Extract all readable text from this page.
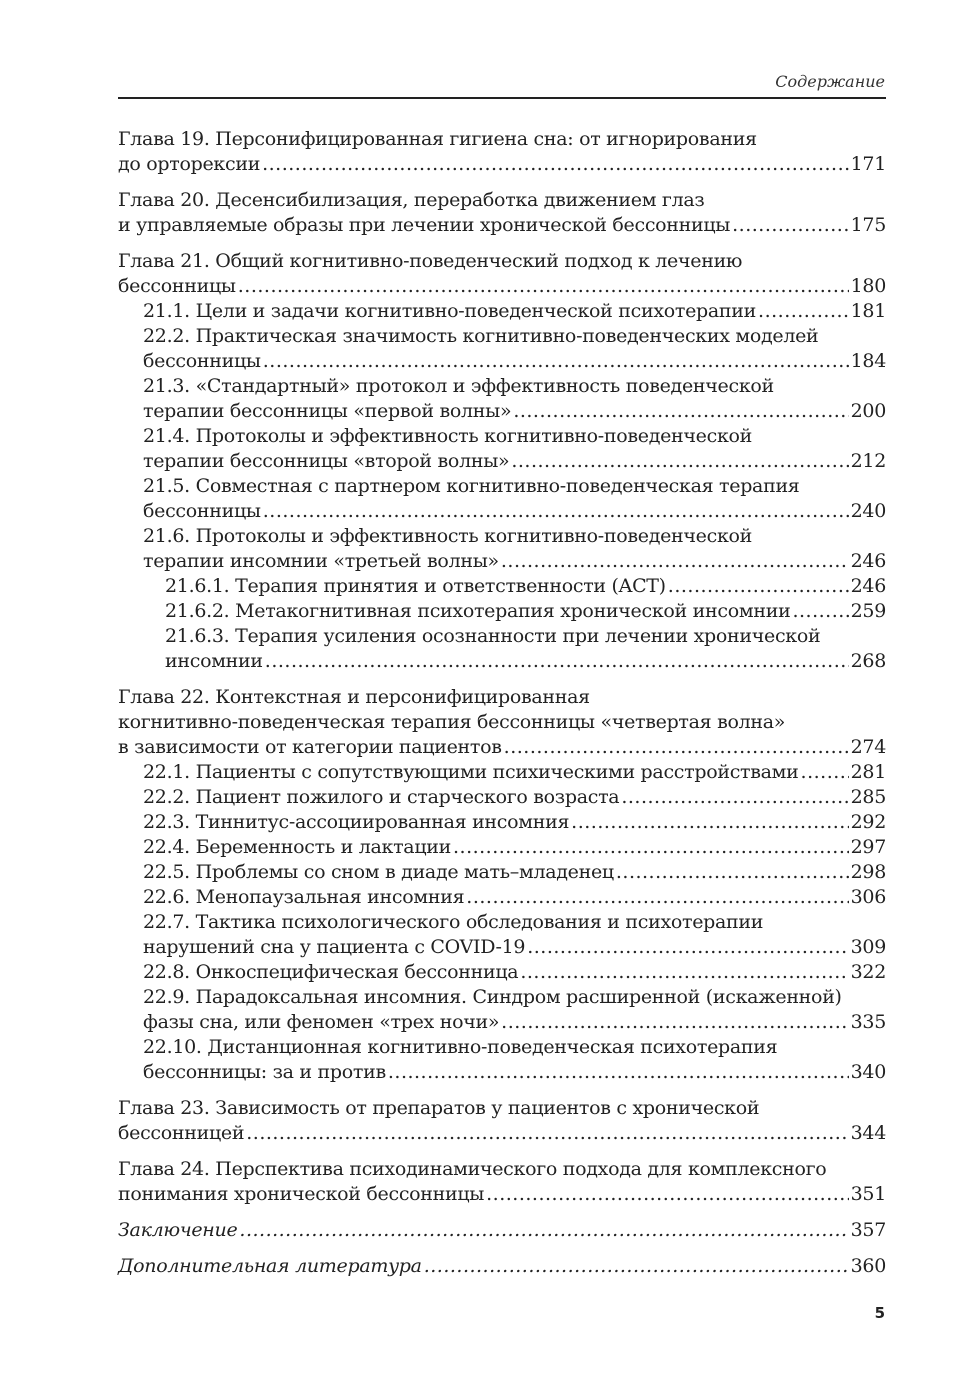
Содержание
Глава 19. Персонифицированная гигиена сна: от игнорирования
до орторексии .....	171
Глава 20. Десенсибилизация, переработка движением глаз
и управляемые образы при лечении хронической бессонницы .....	175
Глава 21. Общий когнитивно-поведенческий подход к лечению
бессонницы .....	180
21.1. Цели и задачи когнитивно-поведенческой психотерапии .....	181
22.2. Практическая значимость когнитивно-поведенческих моделей
бессонницы .....	184
21.3. «Стандартный» протокол и эффективность поведенческой
терапии бессонницы «первой волны» .....	200
21.4. Протоколы и эффективность когнитивно-поведенческой
терапии бессонницы «второй волны» .....	212
21.5. Совместная с партнером когнитивно-поведенческая терапия
бессонницы .....	240
21.6. Протоколы и эффективность когнитивно-поведенческой
терапии инсомнии «третьей волны» .....	246
21.6.1. Терапия принятия и ответственности (ACT) .....	246
21.6.2. Метакогнитивная психотерапия хронической инсомнии .....	259
21.6.3. Терапия усиления осознанности при лечении хронической
инсомнии .....	268
Глава 22. Контекстная и персонифицированная
когнитивно-поведенческая терапия бессонницы «четвертая волна»
в зависимости от категории пациентов .....	274
22.1. Пациенты с сопутствующими психическими расстройствами .....	281
22.2. Пациент пожилого и старческого возраста .....	285
22.3. Тиннитус-ассоциированная инсомния .....	292
22.4. Беременность и лактации .....	297
22.5. Проблемы со сном в диаде мать–младенец .....	298
22.6. Менопаузальная инсомния .....	306
22.7. Тактика психологического обследования и психотерапии
нарушений сна у пациента с COVID-19 .....	309
22.8. Онкоспецифическая бессонница .....	322
22.9. Парадоксальная инсомния. Синдром расширенной (искаженной)
фазы сна, или феномен «трех ночи» .....	335
22.10. Дистанционная когнитивно-поведенческая психотерапия
бессонницы: за и против .....	340
Глава 23. Зависимость от препаратов у пациентов с хронической
бессонницей .....	344
Глава 24. Перспектива психодинамического подхода для комплексного
понимания хронической бессонницы .....	351
Заключение .....	357
Дополнительная литература .....	360
5
